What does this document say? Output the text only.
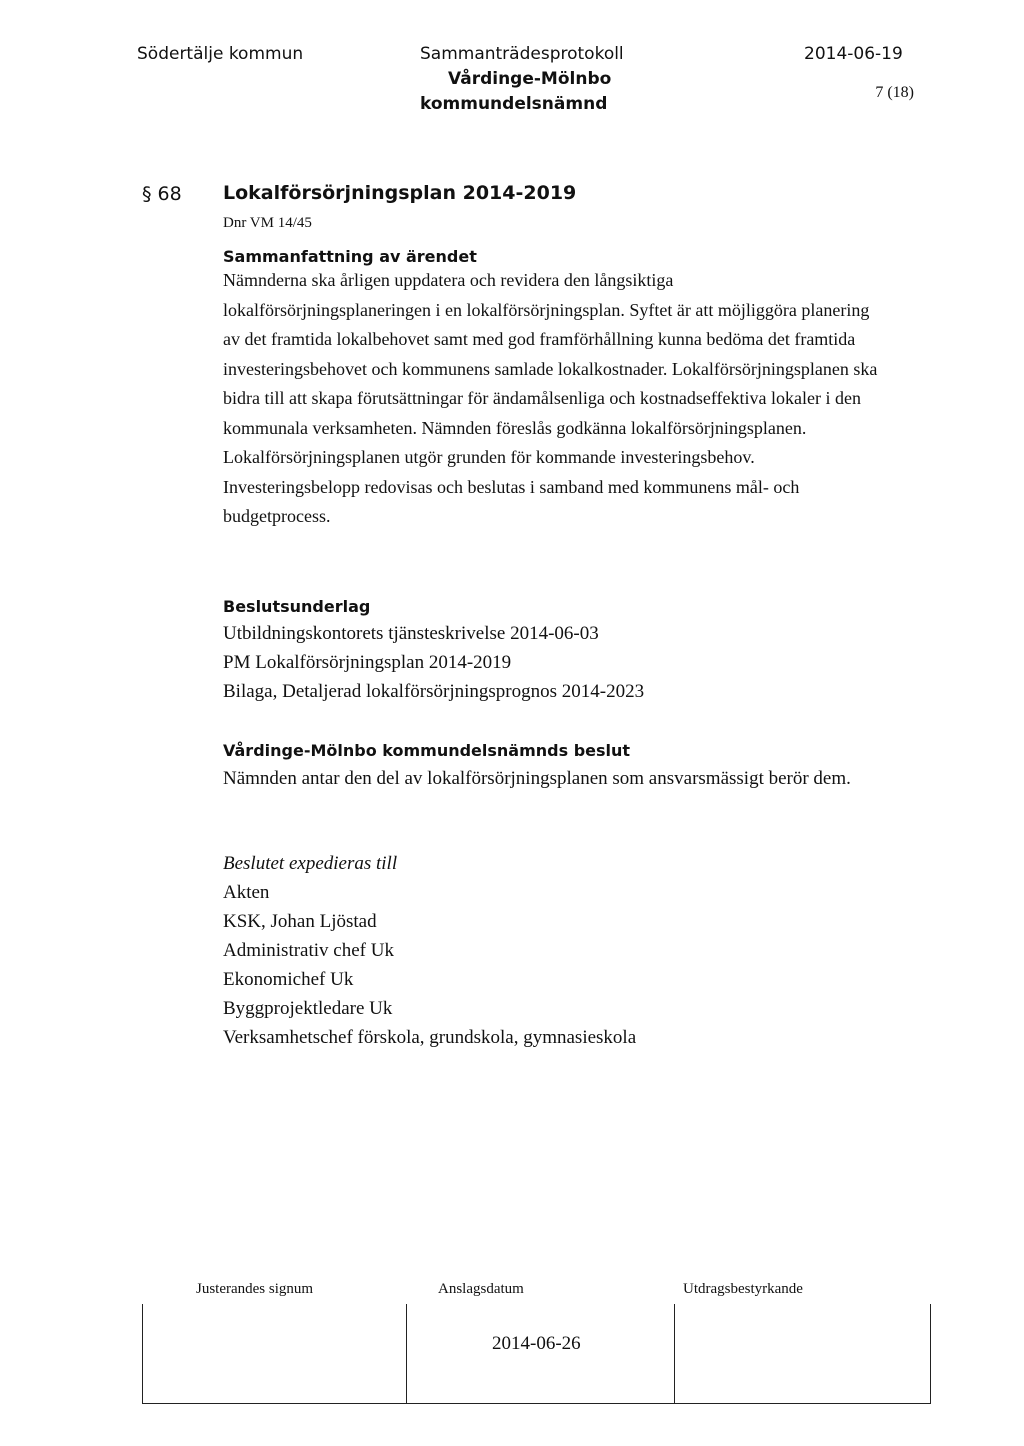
Södertälje kommun	Sammanträdesprotokoll	2014-06-19
Vårdinge-Mölnbo
kommundelsnämnd
7 (18)
§ 68 Lokalförsörjningsplan 2014-2019
Dnr VM 14/45
Sammanfattning av ärendet
Nämnderna ska årligen uppdatera och revidera den långsiktiga lokalförsörjningsplaneringen i en lokalförsörjningsplan. Syftet är att möjliggöra planering av det framtida lokalbehovet samt med god framförhållning kunna bedöma det framtida investeringsbehovet och kommunens samlade lokalkostnader. Lokalförsörjningsplanen ska bidra till att skapa förutsättningar för ändamålsenliga och kostnadseffektiva lokaler i den kommunala verksamheten. Nämnden föreslås godkänna lokalförsörjningsplanen. Lokalförsörjningsplanen utgör grunden för kommande investeringsbehov. Investeringsbelopp redovisas och beslutas i samband med kommunens mål- och budgetprocess.
Beslutsunderlag
Utbildningskontorets tjänsteskrivelse 2014-06-03
PM Lokalförsörjningsplan 2014-2019
Bilaga, Detaljerad lokalförsörjningsprognos 2014-2023
Vårdinge-Mölnbo kommundelsnämnds beslut
Nämnden antar den del av lokalförsörjningsplanen som ansvarsmässigt berör dem.
Beslutet expedieras till
Akten
KSK, Johan Ljöstad
Administrativ chef Uk
Ekonomichef Uk
Byggprojektledare Uk
Verksamhetschef förskola, grundskola, gymnasieskola
Justerandes signum	Anslagsdatum	Utdragsbestyrkande
2014-06-26
